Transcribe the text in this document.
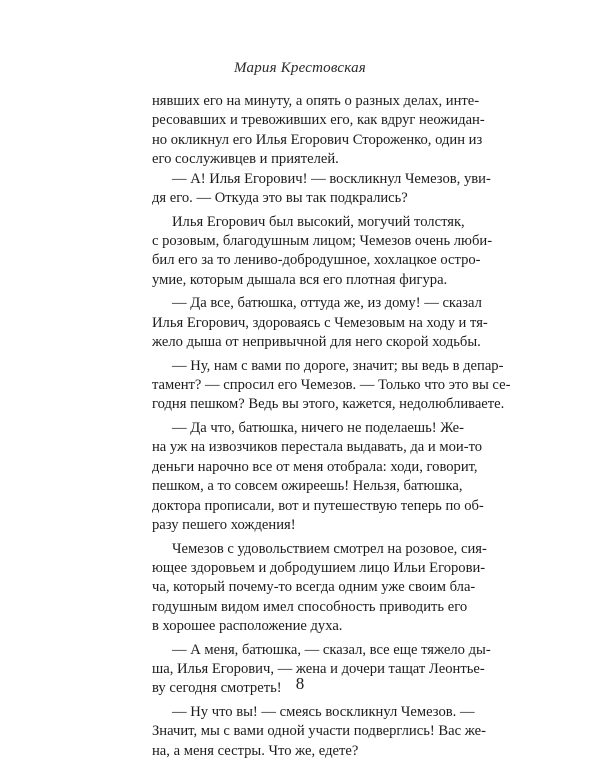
Мария Крестовская
нявших его на минуту, а опять о разных делах, инте-
ресовавших и тревоживших его, как вдруг неожидан-
но окликнул его Илья Егорович Стороженко, один из
его сослуживцев и приятелей.
— А! Илья Егорович! — воскликнул Чемезов, уви-
дя его. — Откуда это вы так подкрались?
Илья Егорович был высокий, могучий толстяк,
с розовым, благодушным лицом; Чемезов очень люби-
бил его за то лениво-добродушное, хохлацкое остро-
умие, которым дышала вся его плотная фигура.
— Да все, батюшка, оттуда же, из дому! — сказал
Илья Егорович, здороваясь с Чемезовым на ходу и тя-
жело дыша от непривычной для него скорой ходьбы.
— Ну, нам с вами по дороге, значит; вы ведь в депар-
тамент? — спросил его Чемезов. — Только что это вы се-
годня пешком? Ведь вы этого, кажется, недолюбливаете.
— Да что, батюшка, ничего не поделаешь! Же-
на уж на извозчиков перестала выдавать, да и мои-то
деньги нарочно все от меня отобрала: ходи, говорит,
пешком, а то совсем ожиреешь! Нельзя, батюшка,
доктора прописали, вот и путешествую теперь по об-
разу пешего хождения!
Чемезов с удовольствием смотрел на розовое, сия-
ющее здоровьем и добродушием лицо Ильи Егорови-
ча, который почему-то всегда одним уже своим бла-
годушным видом имел способность приводить его
в хорошее расположение духа.
— А меня, батюшка, — сказал, все еще тяжело ды-
ша, Илья Егорович, — жена и дочери тащат Леонтье-
ву сегодня смотреть!
— Ну что вы! — смеясь воскликнул Чемезов. —
Значит, мы с вами одной участи подверглись! Вас же-
на, а меня сестры. Что же, едете?
8
